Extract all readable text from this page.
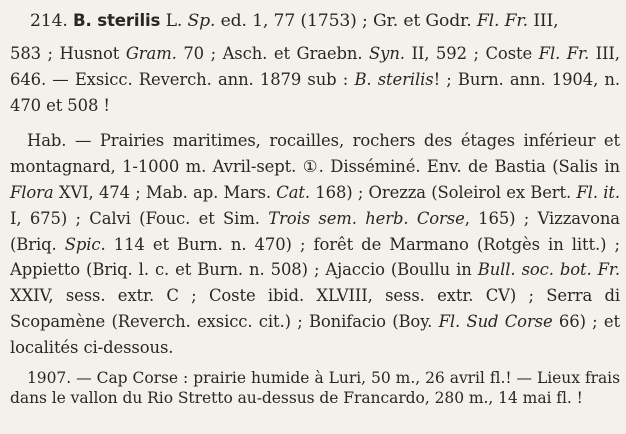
214. B. sterilis L. Sp. ed. 1, 77 (1753) ; Gr. et Godr. Fl. Fr. III,
583 ; Husnot Gram. 70 ; Asch. et Graebn. Syn. II, 592 ; Coste Fl. Fr. III, 646. — Exsicc. Reverch. ann. 1879 sub : B. sterilis! ; Burn. ann. 1904, n. 470 et 508 !
Hab. — Prairies maritimes, rocailles, rochers des étages inférieur et montagnard, 1-1000 m. Avril-sept. ①. Disséminé. Env. de Bastia (Salis in Flora XVI, 474 ; Mab. ap. Mars. Cat. 168) ; Orezza (Soleirol ex Bert. Fl. it. I, 675) ; Calvi (Fouc. et Sim. Trois sem. herb. Corse, 165) ; Vizzavona (Briq. Spic. 114 et Burn. n. 470) ; forêt de Marmano (Rotgès in litt.) ; Appietto (Briq. l. c. et Burn. n. 508) ; Ajaccio (Boullu in Bull. soc. bot. Fr. XXIV, sess. extr. C ; Coste ibid. XLVIII, sess. extr. CV) ; Serra di Scopamène (Reverch. exsicc. cit.) ; Bonifacio (Boy. Fl. Sud Corse 66) ; et localités ci-dessous.
1907. — Cap Corse : prairie humide à Luri, 50 m., 26 avril fl.! — Lieux frais dans le vallon du Rio Stretto au-dessus de Francardo, 280 m., 14 mai fl. !
